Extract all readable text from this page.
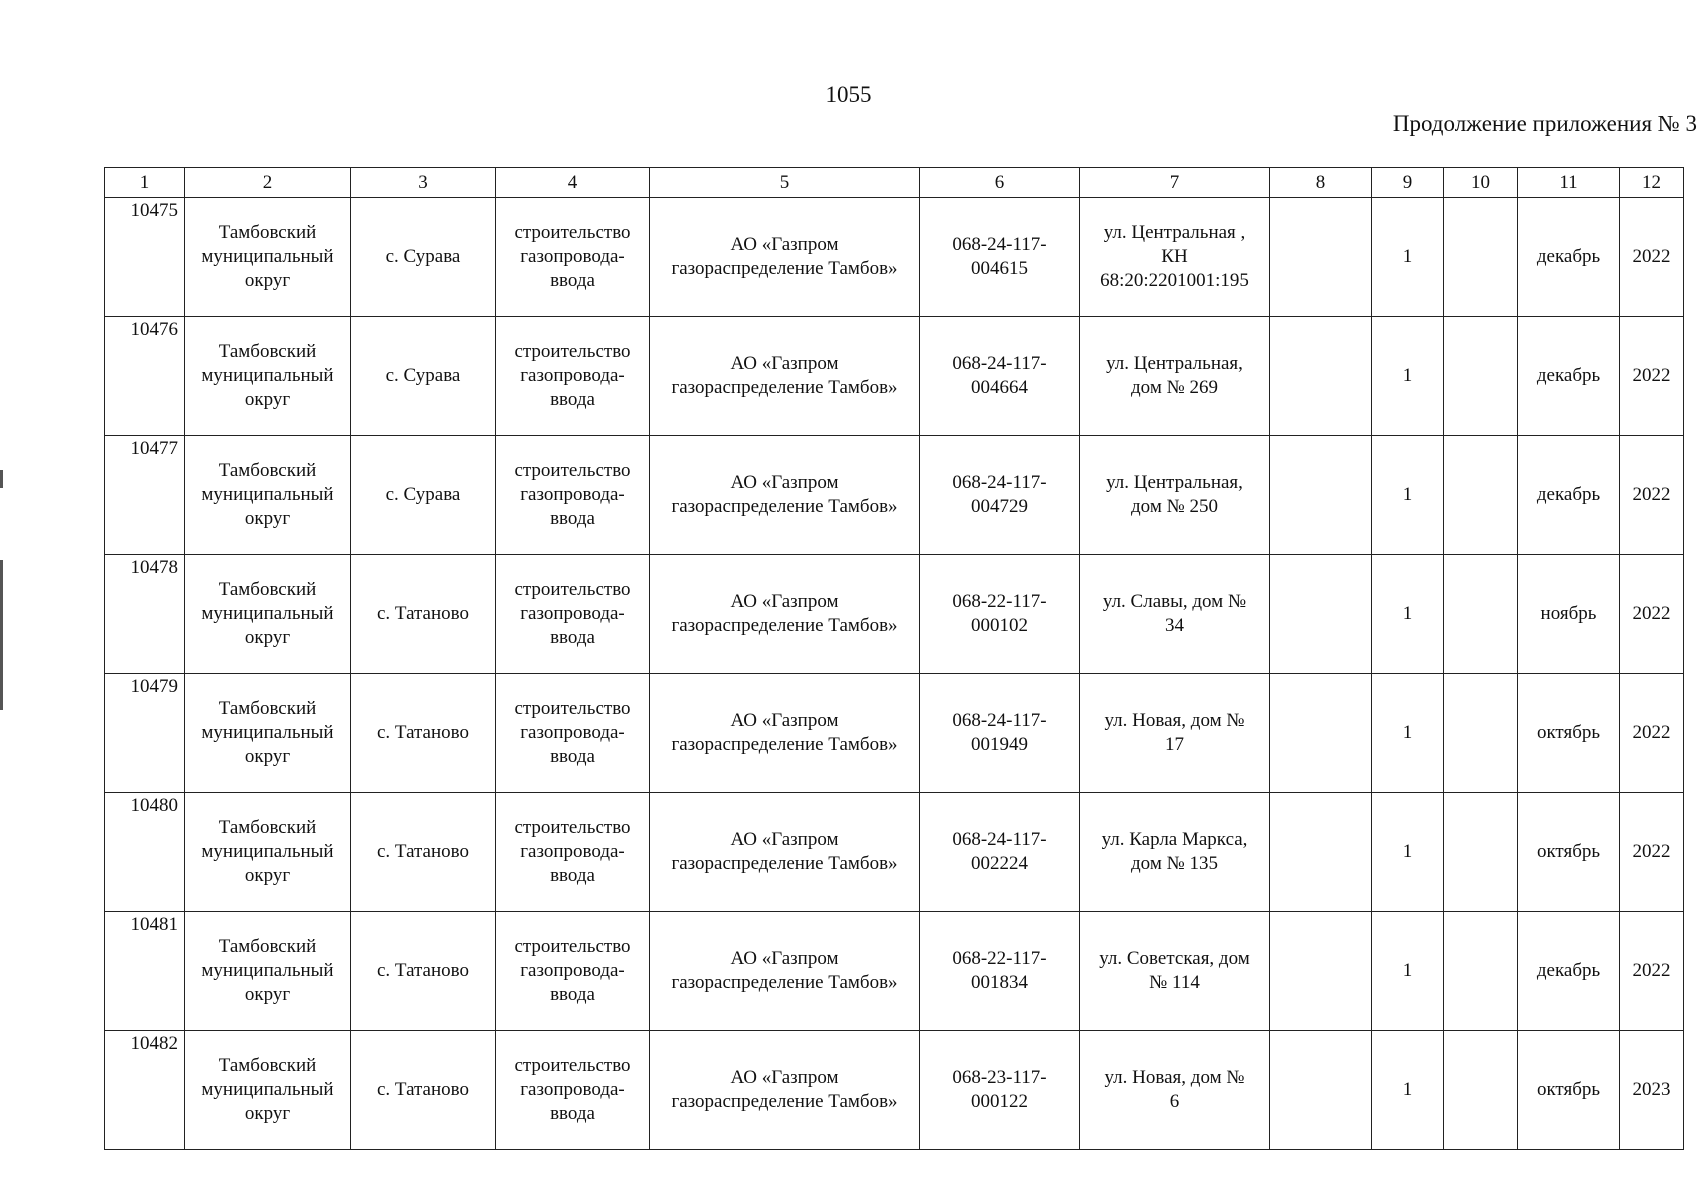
1055
Продолжение приложения № 3
1	2	3	4	5	6	7	8	9	10	11	12
10475	Тамбовский
муниципальный
округ	с. Сурава	строительство
газопровода-
ввода	АО «Газпром
газораспределение Тамбов»	068-24-117-
004615	ул. Центральная ,
КН
68:20:2201001:195		1		декабрь	2022
10476	Тамбовский
муниципальный
округ	с. Сурава	строительство
газопровода-
ввода	АО «Газпром
газораспределение Тамбов»	068-24-117-
004664	ул. Центральная,
дом № 269		1		декабрь	2022
10477	Тамбовский
муниципальный
округ	с. Сурава	строительство
газопровода-
ввода	АО «Газпром
газораспределение Тамбов»	068-24-117-
004729	ул. Центральная,
дом № 250		1		декабрь	2022
10478	Тамбовский
муниципальный
округ	с. Татаново	строительство
газопровода-
ввода	АО «Газпром
газораспределение Тамбов»	068-22-117-
000102	ул. Славы, дом №
34		1		ноябрь	2022
10479	Тамбовский
муниципальный
округ	с. Татаново	строительство
газопровода-
ввода	АО «Газпром
газораспределение Тамбов»	068-24-117-
001949	ул. Новая, дом №
17		1		октябрь	2022
10480	Тамбовский
муниципальный
округ	с. Татаново	строительство
газопровода-
ввода	АО «Газпром
газораспределение Тамбов»	068-24-117-
002224	ул. Карла Маркса,
дом № 135		1		октябрь	2022
10481	Тамбовский
муниципальный
округ	с. Татаново	строительство
газопровода-
ввода	АО «Газпром
газораспределение Тамбов»	068-22-117-
001834	ул. Советская, дом
№ 114		1		декабрь	2022
10482	Тамбовский
муниципальный
округ	с. Татаново	строительство
газопровода-
ввода	АО «Газпром
газораспределение Тамбов»	068-23-117-
000122	ул. Новая, дом №
6		1		октябрь	2023
